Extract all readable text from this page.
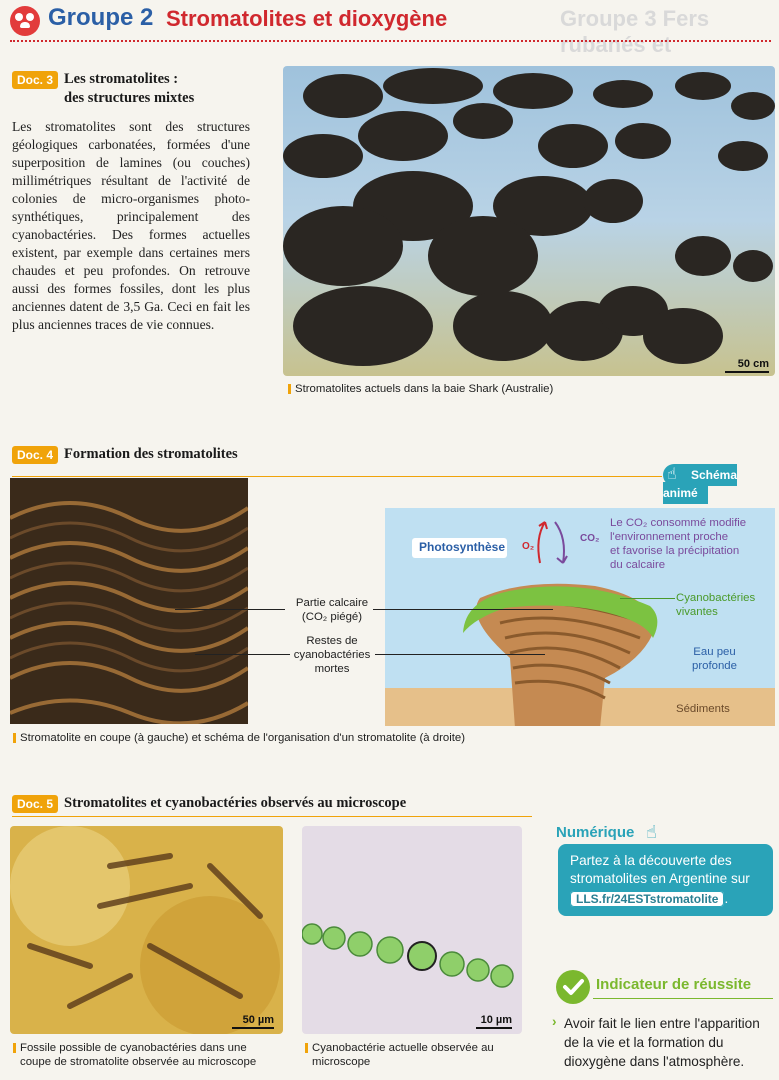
Groupe 2 Stromatolites et dioxygène	Groupe 3 Fers rubanés et
Doc. 3 Les stromatolites :
des structures mixtes
Les stromatolites sont des structures géologiques carbonatées, formées d'une superposition de lamines (ou couches) millimétriques résultant de l'activité de colonies de micro-organismes photo-synthétiques, principalement des cyanobactéries. Des formes actuelles existent, par exemple dans certaines mers chaudes et peu profondes. On retrouve aussi des formes fossiles, dont les plus anciennes datent de 3,5 Ga. Ceci en fait les plus anciennes traces de vie connues.
50 cm
Stromatolites actuels dans la baie Shark (Australie)
Doc. 4 Formation des stromatolites
Schéma animé
☝
Photosynthèse O₂
CO₂
Le CO₂ consommé modifie
l'environnement proche
et favorise la précipitation
du calcaire
Cyanobactéries
vivantes
Eau peu
profonde
Sédiments
Partie calcaire
(CO₂ piégé)
Restes de
cyanobactéries
mortes
Stromatolite en coupe (à gauche) et schéma de l'organisation d'un stromatolite (à droite)
Doc. 5 Stromatolites et cyanobactéries observés au microscope
50 µm	10 µm
Fossile possible de cyanobactéries dans une
coupe de stromatolite observée au microscope
Cyanobactérie actuelle observée au
microscope
Numérique ☝
Partez à la découverte des
stromatolites en Argentine sur
LLS.fr/24ESTstromatolite .
Indicateur de réussite
› Avoir fait le lien entre l'apparition
de la vie et la formation du
dioxygène dans l'atmosphère.
